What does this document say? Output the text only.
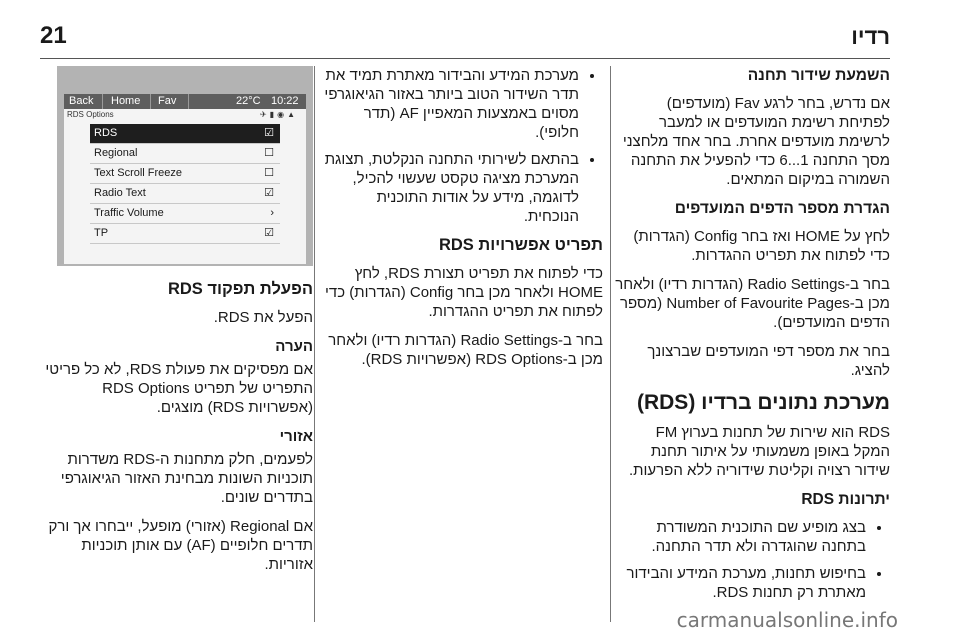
21	רדיו
השמעת שידור תחנה

אם נדרש, בחר לרגע Fav (מועדפים) לפתיחת רשימת המועדפים או למעבר לרשימת מועדפים אחרת. בחר אחד מלחצני מסך התחנה 1...6 כדי להפעיל את התחנה השמורה במיקום המתאים.

הגדרת מספר הדפים המועדפים

לחץ על HOME ואז בחר Config (הגדרות) כדי לפתוח את תפריט ההגדרות.

בחר ב-Radio Settings (הגדרות רדיו) ולאחר מכן ב-Number of Favourite Pages (מספר הדפים המועדפים).

בחר את מספר דפי המועדפים שברצונך להציג.

מערכת נתונים ברדיו (RDS)

RDS הוא שירות של תחנות בערוץ FM המקל באופן משמעותי על איתור תחנת שידור רצויה וקליטת שידוריה ללא הפרעות.

יתרונות RDS
• בצג מופיע שם התוכנית המשודרת בתחנה שהוגדרה ולא תדר התחנה.
• בחיפוש תחנות, מערכת המידע והבידור מאתרת רק תחנות RDS.
• מערכת המידע והבידור מאתרת תמיד את תדר השידור הטוב ביותר באזור הגיאוגרפי מסוים באמצעות המאפיין AF (תדר חלופי).
• בהתאם לשירותי התחנה הנקלטת, תצוגת המערכת מציגה טקסט שעשוי להכיל, לדוגמה, מידע על אודות התוכנית הנוכחית.
תפריט אפשרויות RDS

כדי לפתוח את תפריט תצורת RDS, לחץ HOME ולאחר מכן בחר Config (הגדרות) כדי לפתוח את תפריט ההגדרות.

בחר ב-Radio Settings (הגדרות רדיו) ולאחר מכן ב-RDS Options (אפשרויות RDS).

Back Home Fav	22°C 10:22
RDS Options	✈▮◉▲
RDS	☑
Regional	☐
Text Scroll Freeze	☐
Radio Text	☑
Traffic Volume	›
TP	☑
הפעלת תפקוד RDS

הפעל את RDS.

הערה

אם מפסיקים את פעולת RDS, לא כל פריטי התפריט של תפריט RDS Options (אפשרויות RDS) מוצגים.

אזורי

לפעמים, חלק מתחנות ה-RDS משדרות תוכניות השונות מבחינת האזור הגיאוגרפי בתדרים שונים.

אם Regional (אזורי) מופעל, ייבחרו אך ורק תדרים חלופיים (AF) עם אותן תוכניות אזוריות.

carmanualsonline.info
